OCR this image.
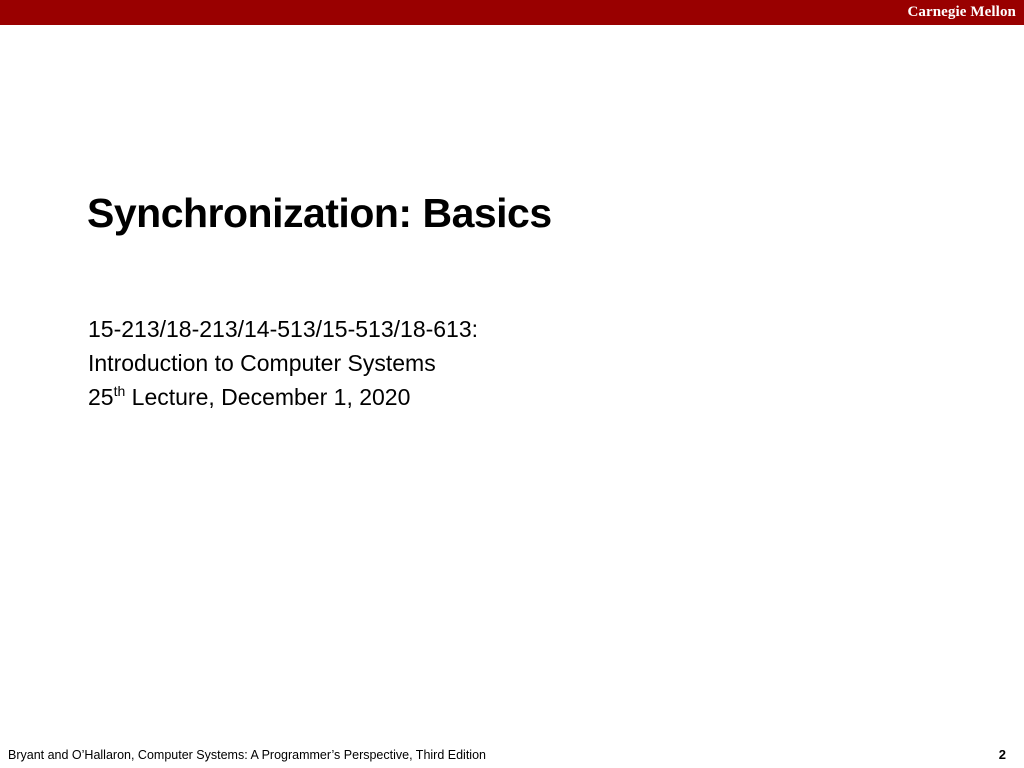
Carnegie Mellon
Synchronization: Basics
15-213/18-213/14-513/15-513/18-613:
Introduction to Computer Systems
25th Lecture, December 1, 2020
Bryant and O’Hallaron, Computer Systems: A Programmer’s Perspective, Third Edition	2
